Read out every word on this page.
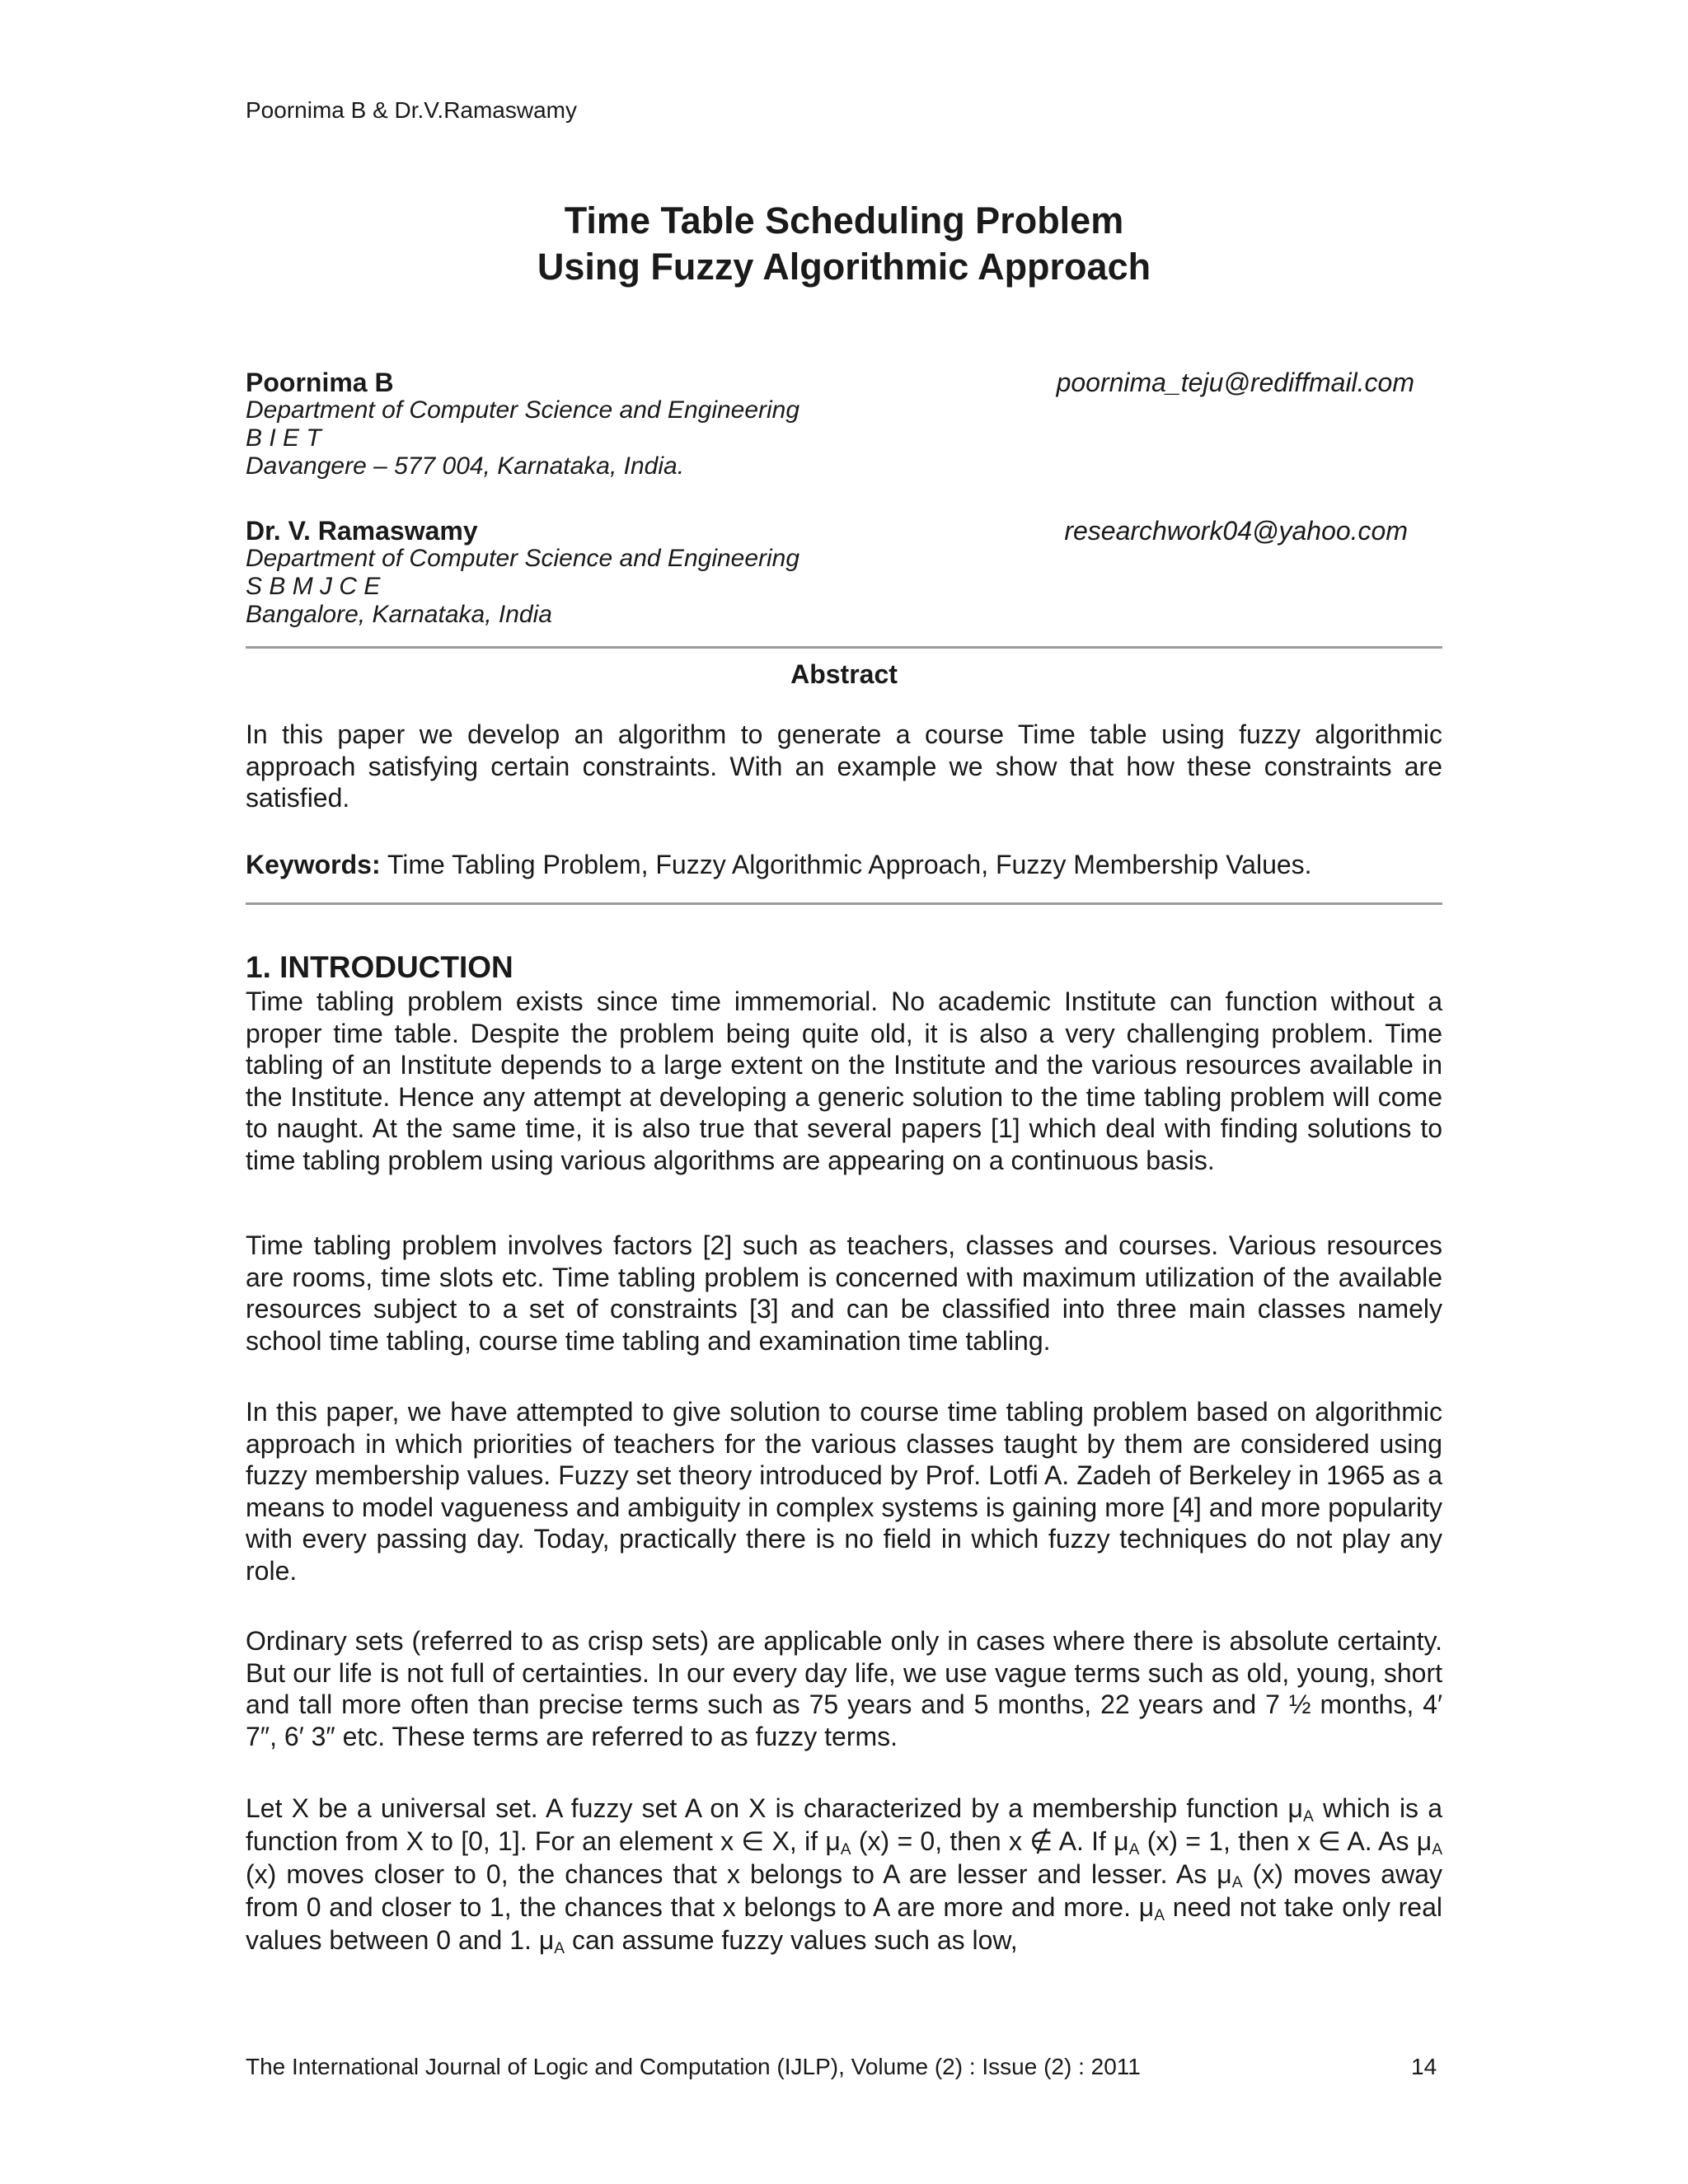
Poornima B & Dr.V.Ramaswamy
Time Table Scheduling Problem
Using Fuzzy Algorithmic Approach
Poornima B	poornima_teju@rediffmail.com
Department of Computer Science and Engineering
B I E T
Davangere – 577 004, Karnataka, India.
Dr. V. Ramaswamy	researchwork04@yahoo.com
Department of Computer Science and Engineering
S B M J C E
Bangalore, Karnataka, India
Abstract

In this paper we develop an algorithm to generate a course Time table using fuzzy algorithmic approach satisfying certain constraints. With an example we show that how these constraints are satisfied.

Keywords: Time Tabling Problem, Fuzzy Algorithmic Approach, Fuzzy Membership Values.

1. INTRODUCTION

Time tabling problem exists since time immemorial. No academic Institute can function without a proper time table. Despite the problem being quite old, it is also a very challenging problem. Time tabling of an Institute depends to a large extent on the Institute and the various resources available in the Institute. Hence any attempt at developing a generic solution to the time tabling problem will come to naught. At the same time, it is also true that several papers [1] which deal with finding solutions to time tabling problem using various algorithms are appearing on a continuous basis.

Time tabling problem involves factors [2] such as teachers, classes and courses. Various resources are rooms, time slots etc. Time tabling problem is concerned with maximum utilization of the available resources subject to a set of constraints [3] and can be classified into three main classes namely school time tabling, course time tabling and examination time tabling.

In this paper, we have attempted to give solution to course time tabling problem based on algorithmic approach in which priorities of teachers for the various classes taught by them are considered using fuzzy membership values. Fuzzy set theory introduced by Prof. Lotfi A. Zadeh of Berkeley in 1965 as a means to model vagueness and ambiguity in complex systems is gaining more [4] and more popularity with every passing day. Today, practically there is no field in which fuzzy techniques do not play any role.

Ordinary sets (referred to as crisp sets) are applicable only in cases where there is absolute certainty. But our life is not full of certainties. In our every day life, we use vague terms such as old, young, short and tall more often than precise terms such as 75 years and 5 months, 22 years and 7 ½ months, 4′ 7″, 6′ 3″ etc. These terms are referred to as fuzzy terms.

Let X be a universal set. A fuzzy set A on X is characterized by a membership function $\mu_A$ which is a function from X to [0, 1]. For an element x ∈ X, if $\mu_A$ (x) = 0, then x ∉ A. If $\mu_A$ (x) = 1, then x ∈ A. As $\mu_A$ (x) moves closer to 0, the chances that x belongs to A are lesser and lesser. As $\mu_A$ (x) moves away from 0 and closer to 1, the chances that x belongs to A are more and more. $\mu_A$ need not take only real values between 0 and 1. $\mu_A$ can assume fuzzy values such as low,

The International Journal of Logic and Computation (IJLP), Volume (2) : Issue (2) : 2011	14
